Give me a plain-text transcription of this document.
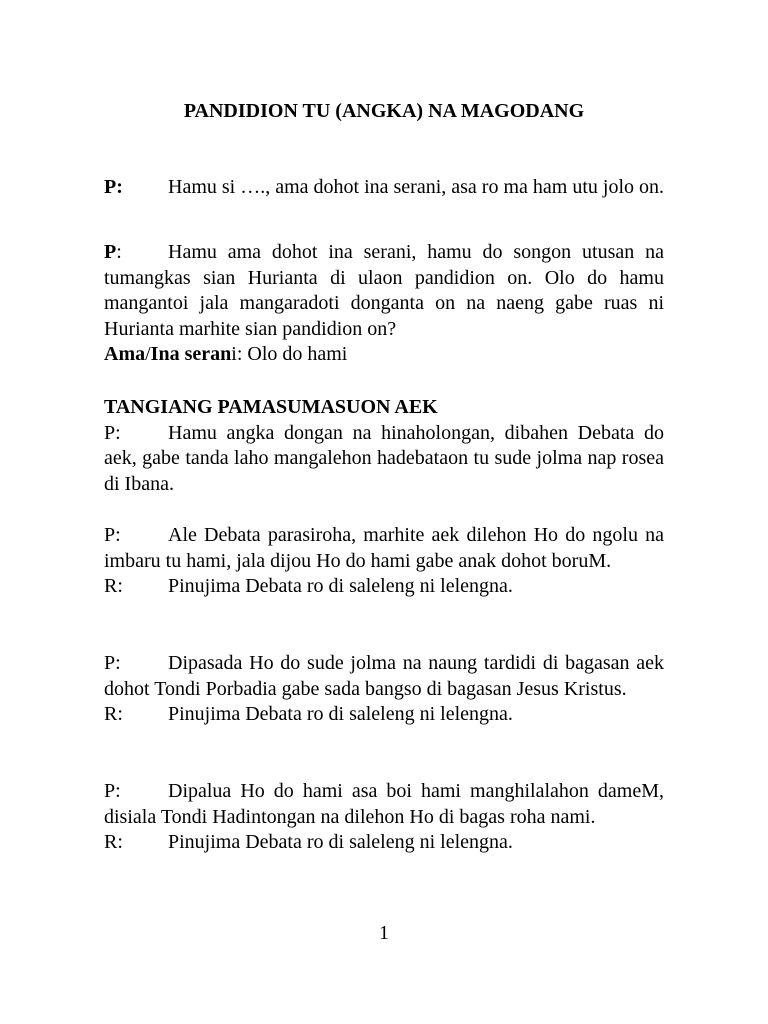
PANDIDION TU (ANGKA) NA MAGODANG

P: Hamu si …., ama dohot ina serani, asa ro ma ham utu jolo on.

P: Hamu ama dohot ina serani, hamu do songon utusan na tumangkas sian Hurianta di ulaon pandidion on. Olo do hamu mangantoi jala mangaradoti donganta on na naeng gabe ruas ni Hurianta marhite sian pandidion on?

Ama/Ina serani: Olo do hami

TANGIANG PAMASUMASUON AEK

P: Hamu angka dongan na hinaholongan, dibahen Debata do aek, gabe tanda laho mangalehon hadebataon tu sude jolma nap rosea di Ibana.

P: Ale Debata parasiroha, marhite aek dilehon Ho do ngolu na imbaru tu hami, jala dijou Ho do hami gabe anak dohot boruM.

R: Pinujima Debata ro di saleleng ni lelengna.

P: Dipasada Ho do sude jolma na naung tardidi di bagasan aek dohot Tondi Porbadia gabe sada bangso di bagasan Jesus Kristus.

R: Pinujima Debata ro di saleleng ni lelengna.

P: Dipalua Ho do hami asa boi hami manghilalahon dameM, disiala Tondi Hadintongan na dilehon Ho di bagas roha nami.

R: Pinujima Debata ro di saleleng ni lelengna.

1
